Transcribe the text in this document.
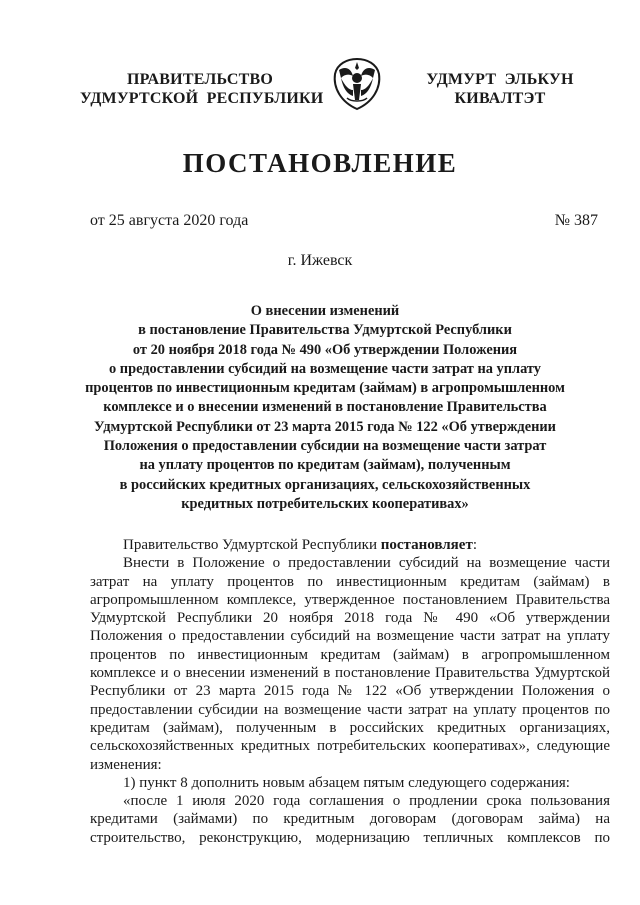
ПРАВИТЕЛЬСТВО
УДМУРТСКОЙ  РЕСПУБЛИКИ
УДМУРТ  ЭЛЬКУН
КИВАЛТЭТ
ПОСТАНОВЛЕНИЕ
от 25 августа 2020 года	№ 387
г. Ижевск
О внесении изменений
в постановление Правительства Удмуртской Республики
от 20 ноября 2018 года № 490 «Об утверждении Положения
о предоставлении субсидий на возмещение части затрат на уплату
процентов по инвестиционным кредитам (займам) в агропромышленном
комплексе и о внесении изменений в постановление Правительства
Удмуртской Республики от 23 марта 2015 года № 122 «Об утверждении
Положения о предоставлении субсидии на возмещение части затрат
на уплату процентов по кредитам (займам), полученным
в российских кредитных организациях, сельскохозяйственных
кредитных потребительских кооперативах»
Правительство Удмуртской Республики постановляет:
Внести в Положение о предоставлении субсидий на возмещение части
затрат на уплату процентов по инвестиционным кредитам (займам) в
агропромышленном комплексе, утвержденное постановлением Правительства
Удмуртской Республики 20 ноября 2018 года № 490 «Об утверждении
Положения о предоставлении субсидий на возмещение части затрат на уплату
процентов по инвестиционным кредитам (займам) в агропромышленном
комплексе и о внесении изменений в постановление Правительства Удмуртской
Республики от 23 марта 2015 года № 122 «Об утверждении Положения о
предоставлении субсидии на возмещение части затрат на уплату процентов по
кредитам (займам), полученным в российских кредитных организациях,
сельскохозяйственных кредитных потребительских кооперативах», следующие
изменения:
1) пункт 8 дополнить новым абзацем пятым следующего содержания:
«после 1 июля 2020 года соглашения о продлении срока пользования
кредитами (займами) по кредитным договорам (договорам займа) на
строительство, реконструкцию, модернизацию тепличных комплексов по
